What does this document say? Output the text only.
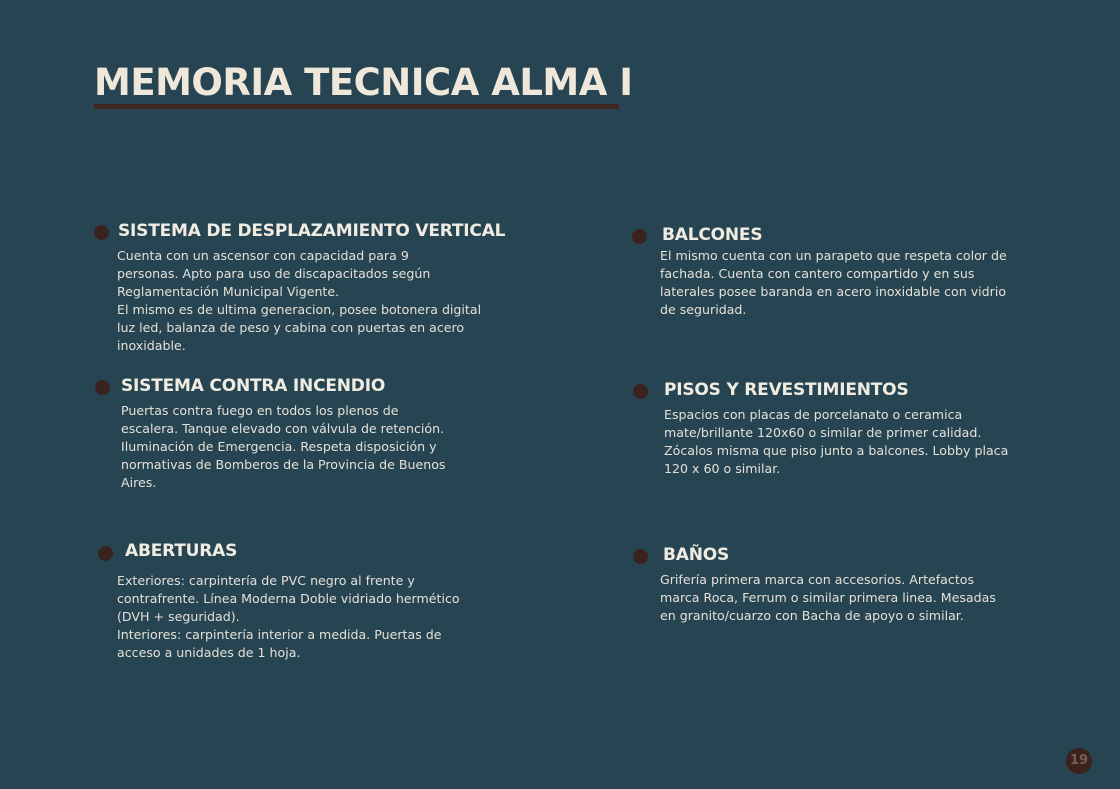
MEMORIA TECNICA ALMA I
SISTEMA DE DESPLAZAMIENTO VERTICAL

Cuenta con un ascensor con capacidad para 9
personas. Apto para uso de discapacitados según
Reglamentación Municipal Vigente.
El mismo es de ultima generacion, posee botonera digital
luz led, balanza de peso y cabina con puertas en acero
inoxidable.

BALCONES

El mismo cuenta con un parapeto que respeta color de
fachada. Cuenta con cantero compartido y en sus
laterales posee baranda en acero inoxidable con vidrio
de seguridad.

SISTEMA CONTRA INCENDIO

Puertas contra fuego en todos los plenos de
escalera. Tanque elevado con válvula de retención.
Iluminación de Emergencia. Respeta disposición y
normativas de Bomberos de la Provincia de Buenos
Aires.

PISOS Y REVESTIMIENTOS

Espacios con placas de porcelanato o ceramica
mate/brillante 120x60 o similar de primer calidad.
Zócalos misma que piso junto a balcones. Lobby placa
120 x 60 o similar.

ABERTURAS

Exteriores: carpintería de PVC negro al frente y
contrafrente. Línea Moderna Doble vidriado hermético
(DVH + seguridad).
Interiores: carpintería interior a medida. Puertas de
acceso a unidades de 1 hoja.

BAÑOS

Grifería primera marca con accesorios. Artefactos
marca Roca, Ferrum o similar primera linea. Mesadas
en granito/cuarzo con Bacha de apoyo o similar.

19
